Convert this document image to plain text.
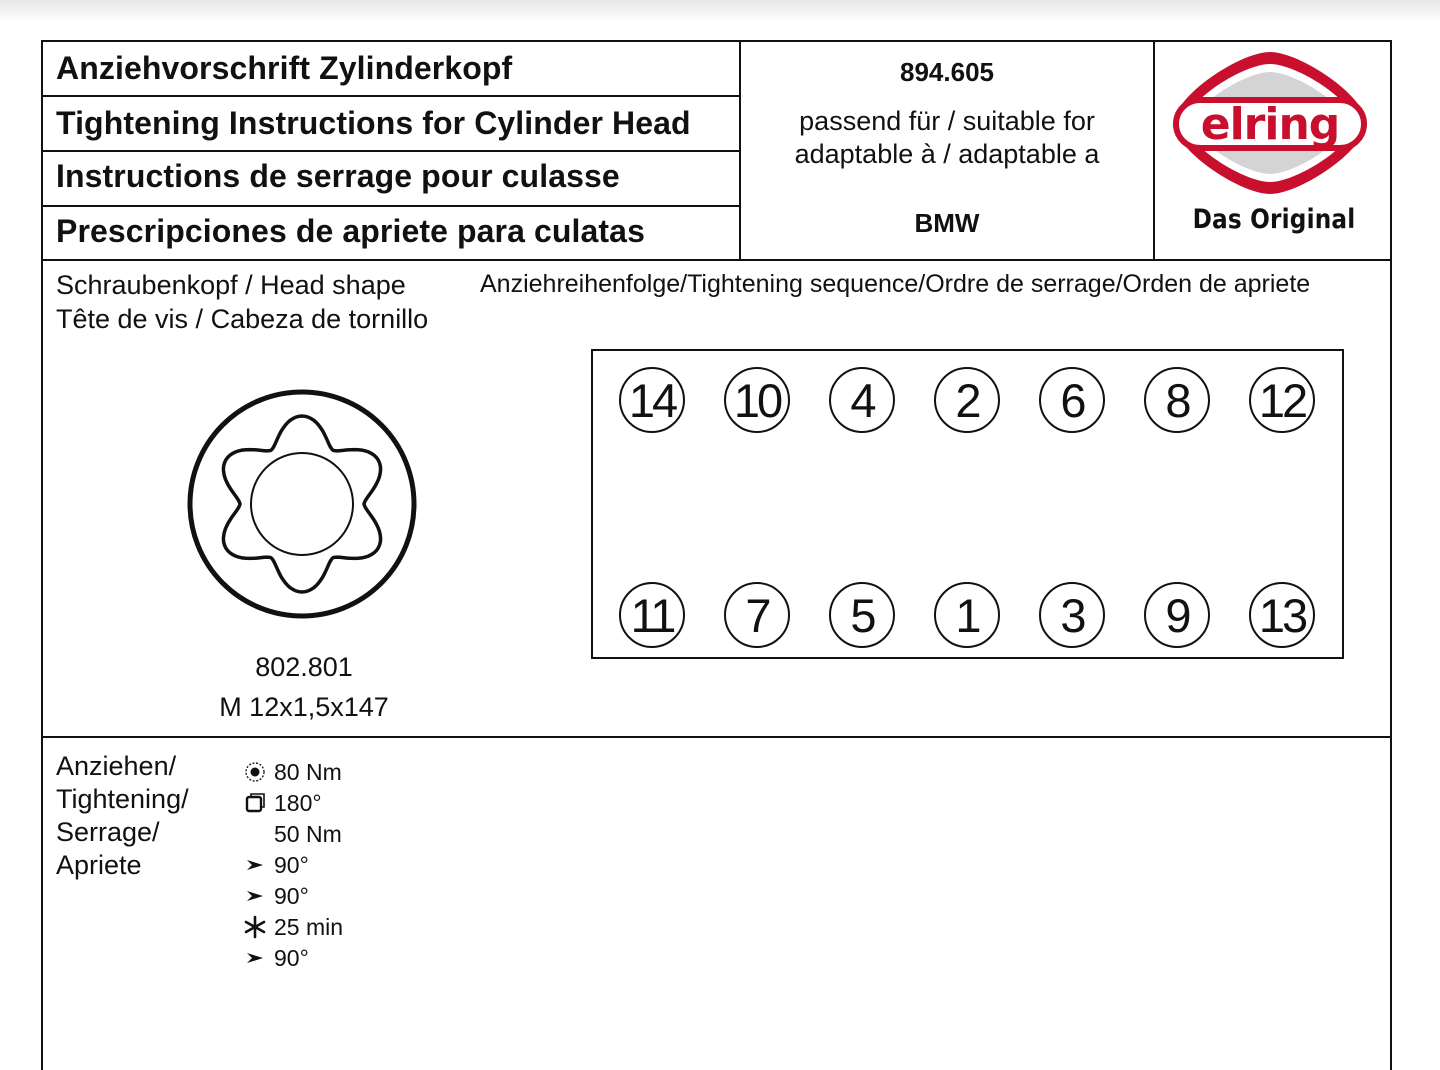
Anziehvorschrift Zylinderkopf
Tightening Instructions for Cylinder Head
Instructions de serrage pour culasse
Prescripciones de apriete para culatas
894.605
passend für / suitable for
adaptable à / adaptable a
BMW
elring
Das Original
Schraubenkopf / Head shape
Tête de vis / Cabeza de tornillo
802.801
M 12x1,5x147
Anziehreihenfolge/Tightening sequence/Ordre de serrage/Orden de apriete
14 10	4	2	6	8	12
11	7	5	1	3	9	13
Anziehen/
Tightening/
Serrage/
Apriete
80 Nm
180°
50 Nm
90°
90°
25 min
90°
